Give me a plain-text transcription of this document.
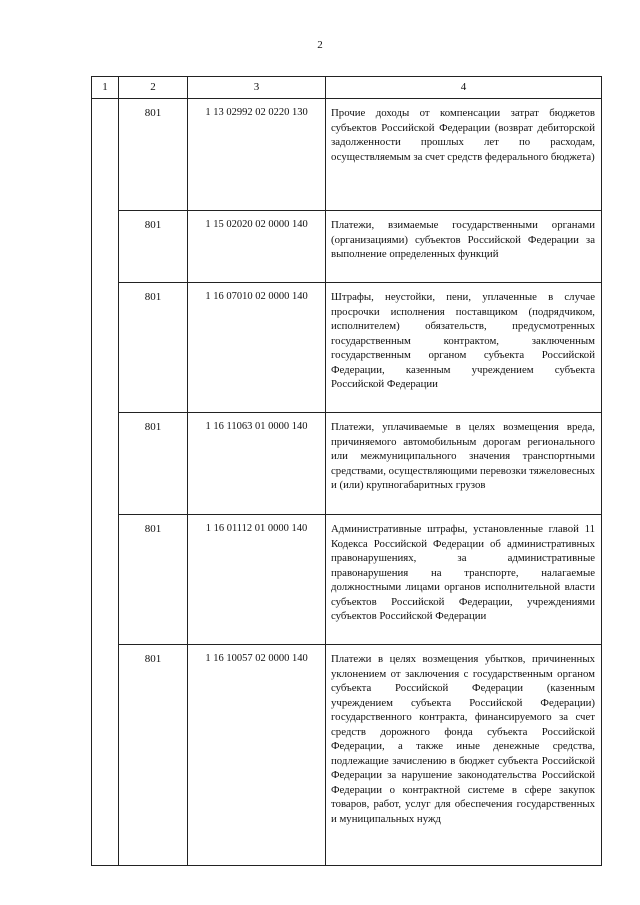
2
1	2	3	4
	801	1 13 02992 02 0220 130	Прочие доходы от компенсации затрат бюджетов субъектов Российской Федерации (возврат дебиторской задолженности прошлых лет по расходам, осуществляемым за счет средств федерального бюджета)
	801	1 15 02020 02 0000 140	Платежи, взимаемые государственными органами (организациями) субъектов Российской Федерации за выполнение определенных функций
	801	1 16 07010 02 0000 140	Штрафы, неустойки, пени, уплаченные в случае просрочки исполнения поставщиком (подрядчиком, исполнителем) обязательств, предусмотренных государственным контрактом, заключенным государственным органом субъекта Российской Федерации, казенным учреждением субъекта Российской Федерации
	801	1 16 11063 01 0000 140	Платежи, уплачиваемые в целях возмещения вреда, причиняемого автомобильным дорогам регионального или межмуниципального значения транспортными средствами, осуществляющими перевозки тяжеловесных и (или) крупногабаритных грузов
	801	1 16 01112 01 0000 140	Административные штрафы, установленные главой 11 Кодекса Российской Федерации об административных правонарушениях, за административные правонарушения на транспорте, налагаемые должностными лицами органов исполнительной власти субъектов Российской Федерации, учреждениями субъектов Российской Федерации
	801	1 16 10057 02 0000 140	Платежи в целях возмещения убытков, причиненных уклонением от заключения с государственным органом субъекта Российской Федерации (казенным учреждением субъекта Российской Федерации) государственного контракта, финансируемого за счет средств дорожного фонда субъекта Российской Федерации, а также иные денежные средства, подлежащие зачислению в бюджет субъекта Российской Федерации за нарушение законодательства Российской Федерации о контрактной системе в сфере закупок товаров, работ, услуг для обеспечения государственных и муниципальных нужд
